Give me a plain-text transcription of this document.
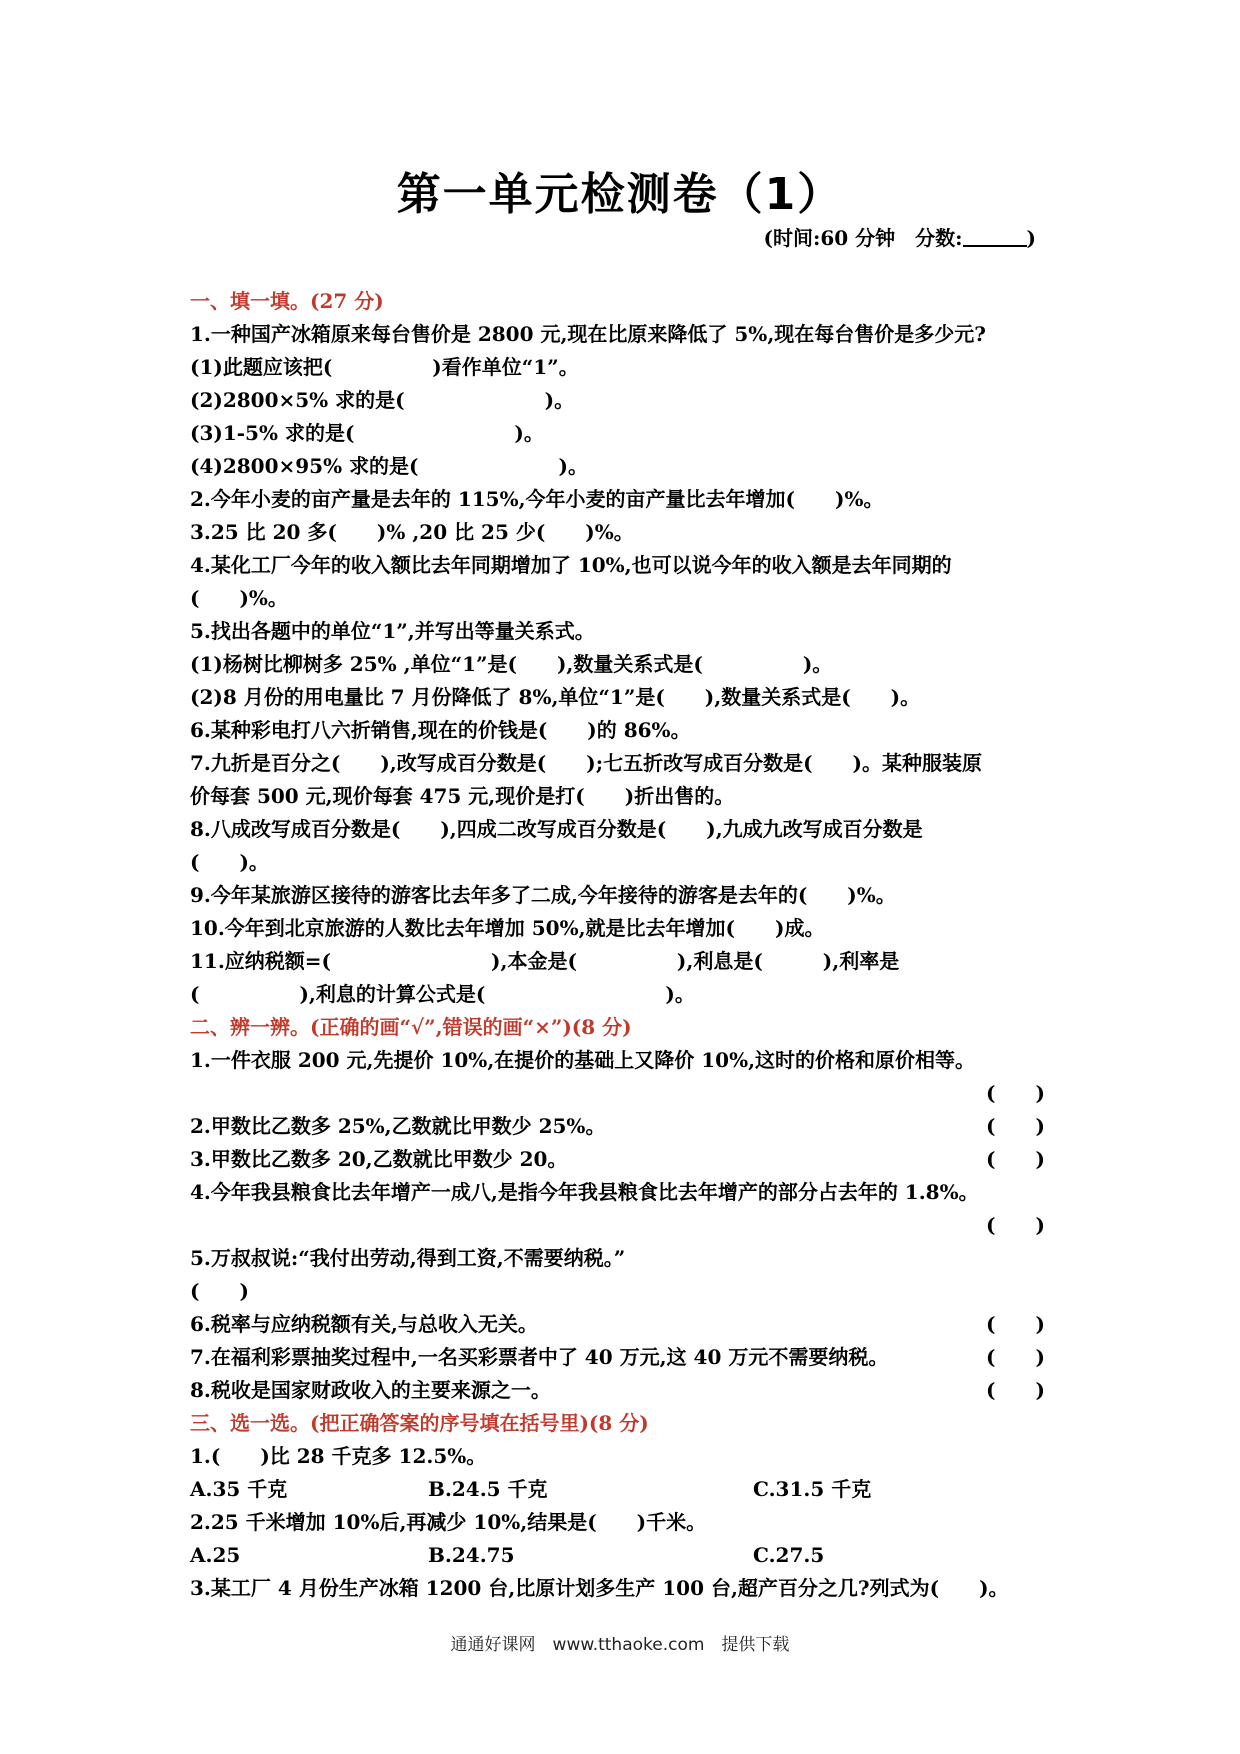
第一单元检测卷（1）
(时间:60 分钟　分数:	)
一、填一填。(27 分)
1.一种国产冰箱原来每台售价是 2800 元,现在比原来降低了 5%,现在每台售价是多少元?
(1)此题应该把(　　　　　)看作单位“1”。
(2)2800×5% 求的是(　　　　　　　)。
(3)1-5% 求的是(　　　　　　　　)。
(4)2800×95% 求的是(　　　　　　　)。
2.今年小麦的亩产量是去年的 115%,今年小麦的亩产量比去年增加(　　)%。
3.25 比 20 多(　　)% ,20 比 25 少(　　)%。
4.某化工厂今年的收入额比去年同期增加了 10%,也可以说今年的收入额是去年同期的
(　　)%。
5.找出各题中的单位“1”,并写出等量关系式。
(1)杨树比柳树多 25% ,单位“1”是(　　),数量关系式是(　　　　　)。
(2)8 月份的用电量比 7 月份降低了 8%,单位“1”是(　　),数量关系式是(　　)。
6.某种彩电打八六折销售,现在的价钱是(　　)的 86%。
7.九折是百分之(　　),改写成百分数是(　　);七五折改写成百分数是(　　)。某种服装原
价每套 500 元,现价每套 475 元,现价是打(　　)折出售的。
8.八成改写成百分数是(　　),四成二改写成百分数是(　　),九成九改写成百分数是
(　　)。
9.今年某旅游区接待的游客比去年多了二成,今年接待的游客是去年的(　　)%。
10.今年到北京旅游的人数比去年增加 50%,就是比去年增加(　　)成。
11.应纳税额=(　　　　　　　　),本金是(　　　　　),利息是(　　　),利率是
(　　　　　),利息的计算公式是(　　　　　　　　　)。
二、辨一辨。(正确的画“√”,错误的画“×”)(8 分)
1.一件衣服 200 元,先提价 10%,在提价的基础上又降价 10%,这时的价格和原价相等。
(　　)
2.甲数比乙数多 25%,乙数就比甲数少 25%。	(　　)
3.甲数比乙数多 20,乙数就比甲数少 20。	(　　)
4.今年我县粮食比去年增产一成八,是指今年我县粮食比去年增产的部分占去年的 1.8%。
(　　)
5.万叔叔说:“我付出劳动,得到工资,不需要纳税。”
(　　)
6.税率与应纳税额有关,与总收入无关。	(　　)
7.在福利彩票抽奖过程中,一名买彩票者中了 40 万元,这 40 万元不需要纳税。	(　　)
8.税收是国家财政收入的主要来源之一。	(　　)
三、选一选。(把正确答案的序号填在括号里)(8 分)
1.(　　)比 28 千克多 12.5%。
A.35 千克	B.24.5 千克	C.31.5 千克
2.25 千米增加 10%后,再减少 10%,结果是(　　)千米。
A.25	B.24.75	C.27.5
3.某工厂 4 月份生产冰箱 1200 台,比原计划多生产 100 台,超产百分之几?列式为(　　)。
通通好课网　www.tthaoke.com　提供下载
